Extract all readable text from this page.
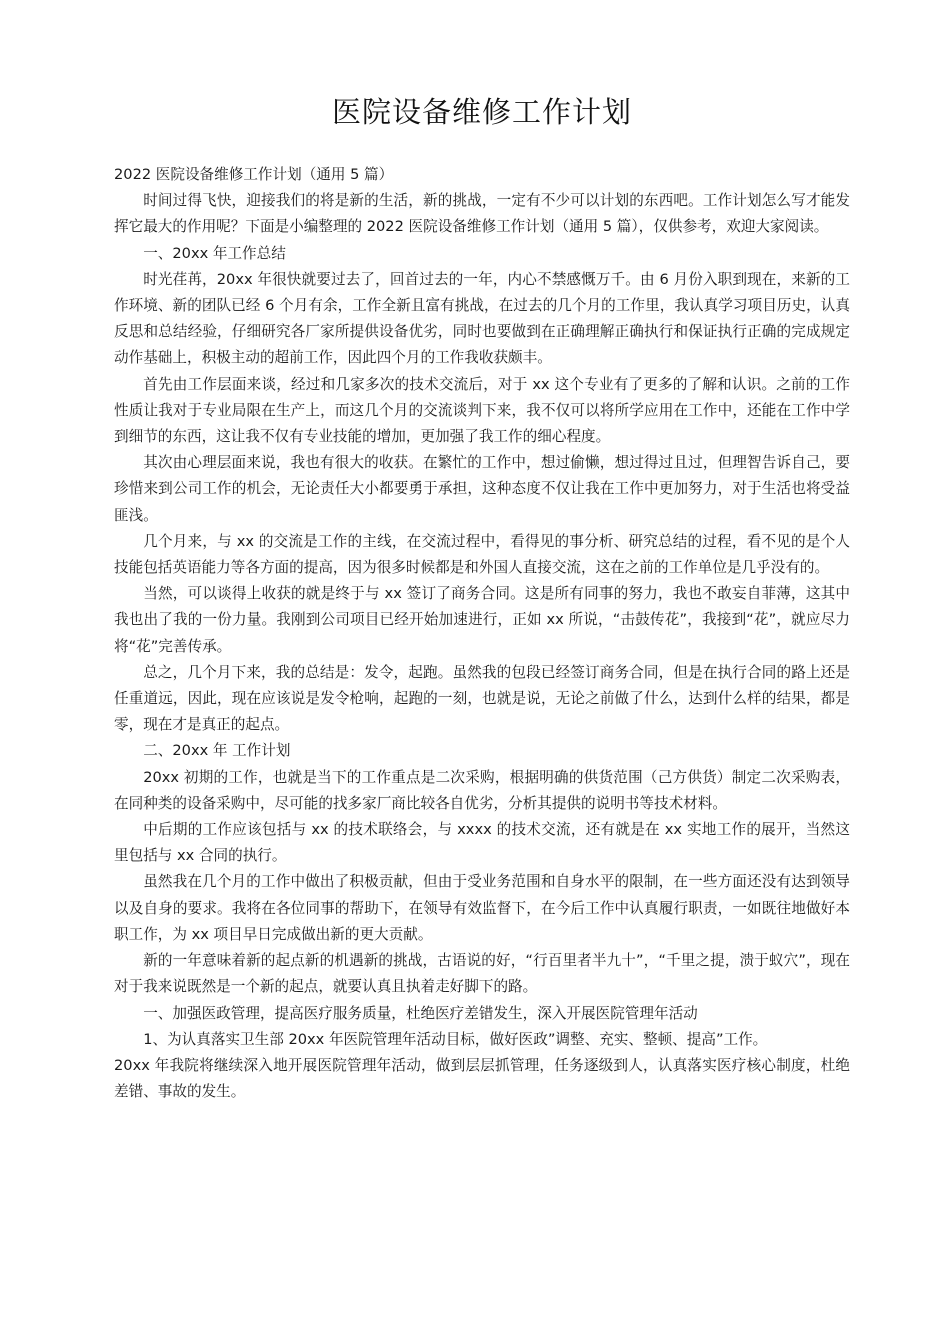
医院设备维修工作计划

2022 医院设备维修工作计划（通用 5 篇）

时间过得飞快，迎接我们的将是新的生活，新的挑战，一定有不少可以计划的东西吧。工作计划怎么写才能发挥它最大的作用呢？下面是小编整理的 2022 医院设备维修工作计划（通用 5 篇），仅供参考，欢迎大家阅读。

一、20xx 年工作总结

时光荏苒，20xx 年很快就要过去了，回首过去的一年，内心不禁感慨万千。由 6 月份入职到现在，来新的工作环境、新的团队已经 6 个月有余，工作全新且富有挑战，在过去的几个月的工作里，我认真学习项目历史，认真反思和总结经验，仔细研究各厂家所提供设备优劣，同时也要做到在正确理解正确执行和保证执行正确的完成规定动作基础上，积极主动的超前工作，因此四个月的工作我收获颇丰。

首先由工作层面来谈，经过和几家多次的技术交流后，对于 xx 这个专业有了更多的了解和认识。之前的工作性质让我对于专业局限在生产上，而这几个月的交流谈判下来，我不仅可以将所学应用在工作中，还能在工作中学到细节的东西，这让我不仅有专业技能的增加，更加强了我工作的细心程度。

其次由心理层面来说，我也有很大的收获。在繁忙的工作中，想过偷懒，想过得过且过，但理智告诉自己，要珍惜来到公司工作的机会，无论责任大小都要勇于承担，这种态度不仅让我在工作中更加努力，对于生活也将受益匪浅。

几个月来，与 xx 的交流是工作的主线，在交流过程中，看得见的事分析、研究总结的过程，看不见的是个人技能包括英语能力等各方面的提高，因为很多时候都是和外国人直接交流，这在之前的工作单位是几乎没有的。

当然，可以谈得上收获的就是终于与 xx 签订了商务合同。这是所有同事的努力，我也不敢妄自菲薄，这其中我也出了我的一份力量。我刚到公司项目已经开始加速进行，正如 xx 所说，“击鼓传花”，我接到“花”，就应尽力将“花”完善传承。

总之，几个月下来，我的总结是：发令，起跑。虽然我的包段已经签订商务合同，但是在执行合同的路上还是任重道远，因此，现在应该说是发令枪响，起跑的一刻，也就是说，无论之前做了什么，达到什么样的结果，都是零，现在才是真正的起点。

二、20xx 年 工作计划

20xx 初期的工作，也就是当下的工作重点是二次采购，根据明确的供货范围（己方供货）制定二次采购表，在同种类的设备采购中，尽可能的找多家厂商比较各自优劣，分析其提供的说明书等技术材料。

中后期的工作应该包括与 xx 的技术联络会，与 xxxx 的技术交流，还有就是在 xx 实地工作的展开，当然这里包括与 xx 合同的执行。

虽然我在几个月的工作中做出了积极贡献，但由于受业务范围和自身水平的限制，在一些方面还没有达到领导以及自身的要求。我将在各位同事的帮助下，在领导有效监督下，在今后工作中认真履行职责，一如既往地做好本职工作，为 xx 项目早日完成做出新的更大贡献。

新的一年意味着新的起点新的机遇新的挑战，古语说的好，“行百里者半九十”，“千里之提，溃于蚁穴”，现在对于我来说既然是一个新的起点，就要认真且执着走好脚下的路。

一、加强医政管理，提高医疗服务质量，杜绝医疗差错发生，深入开展医院管理年活动

1、为认真落实卫生部 20xx 年医院管理年活动目标，做好医政”调整、充实、整顿、提高”工作。

20xx 年我院将继续深入地开展医院管理年活动，做到层层抓管理，任务逐级到人，认真落实医疗核心制度，杜绝差错、事故的发生。
